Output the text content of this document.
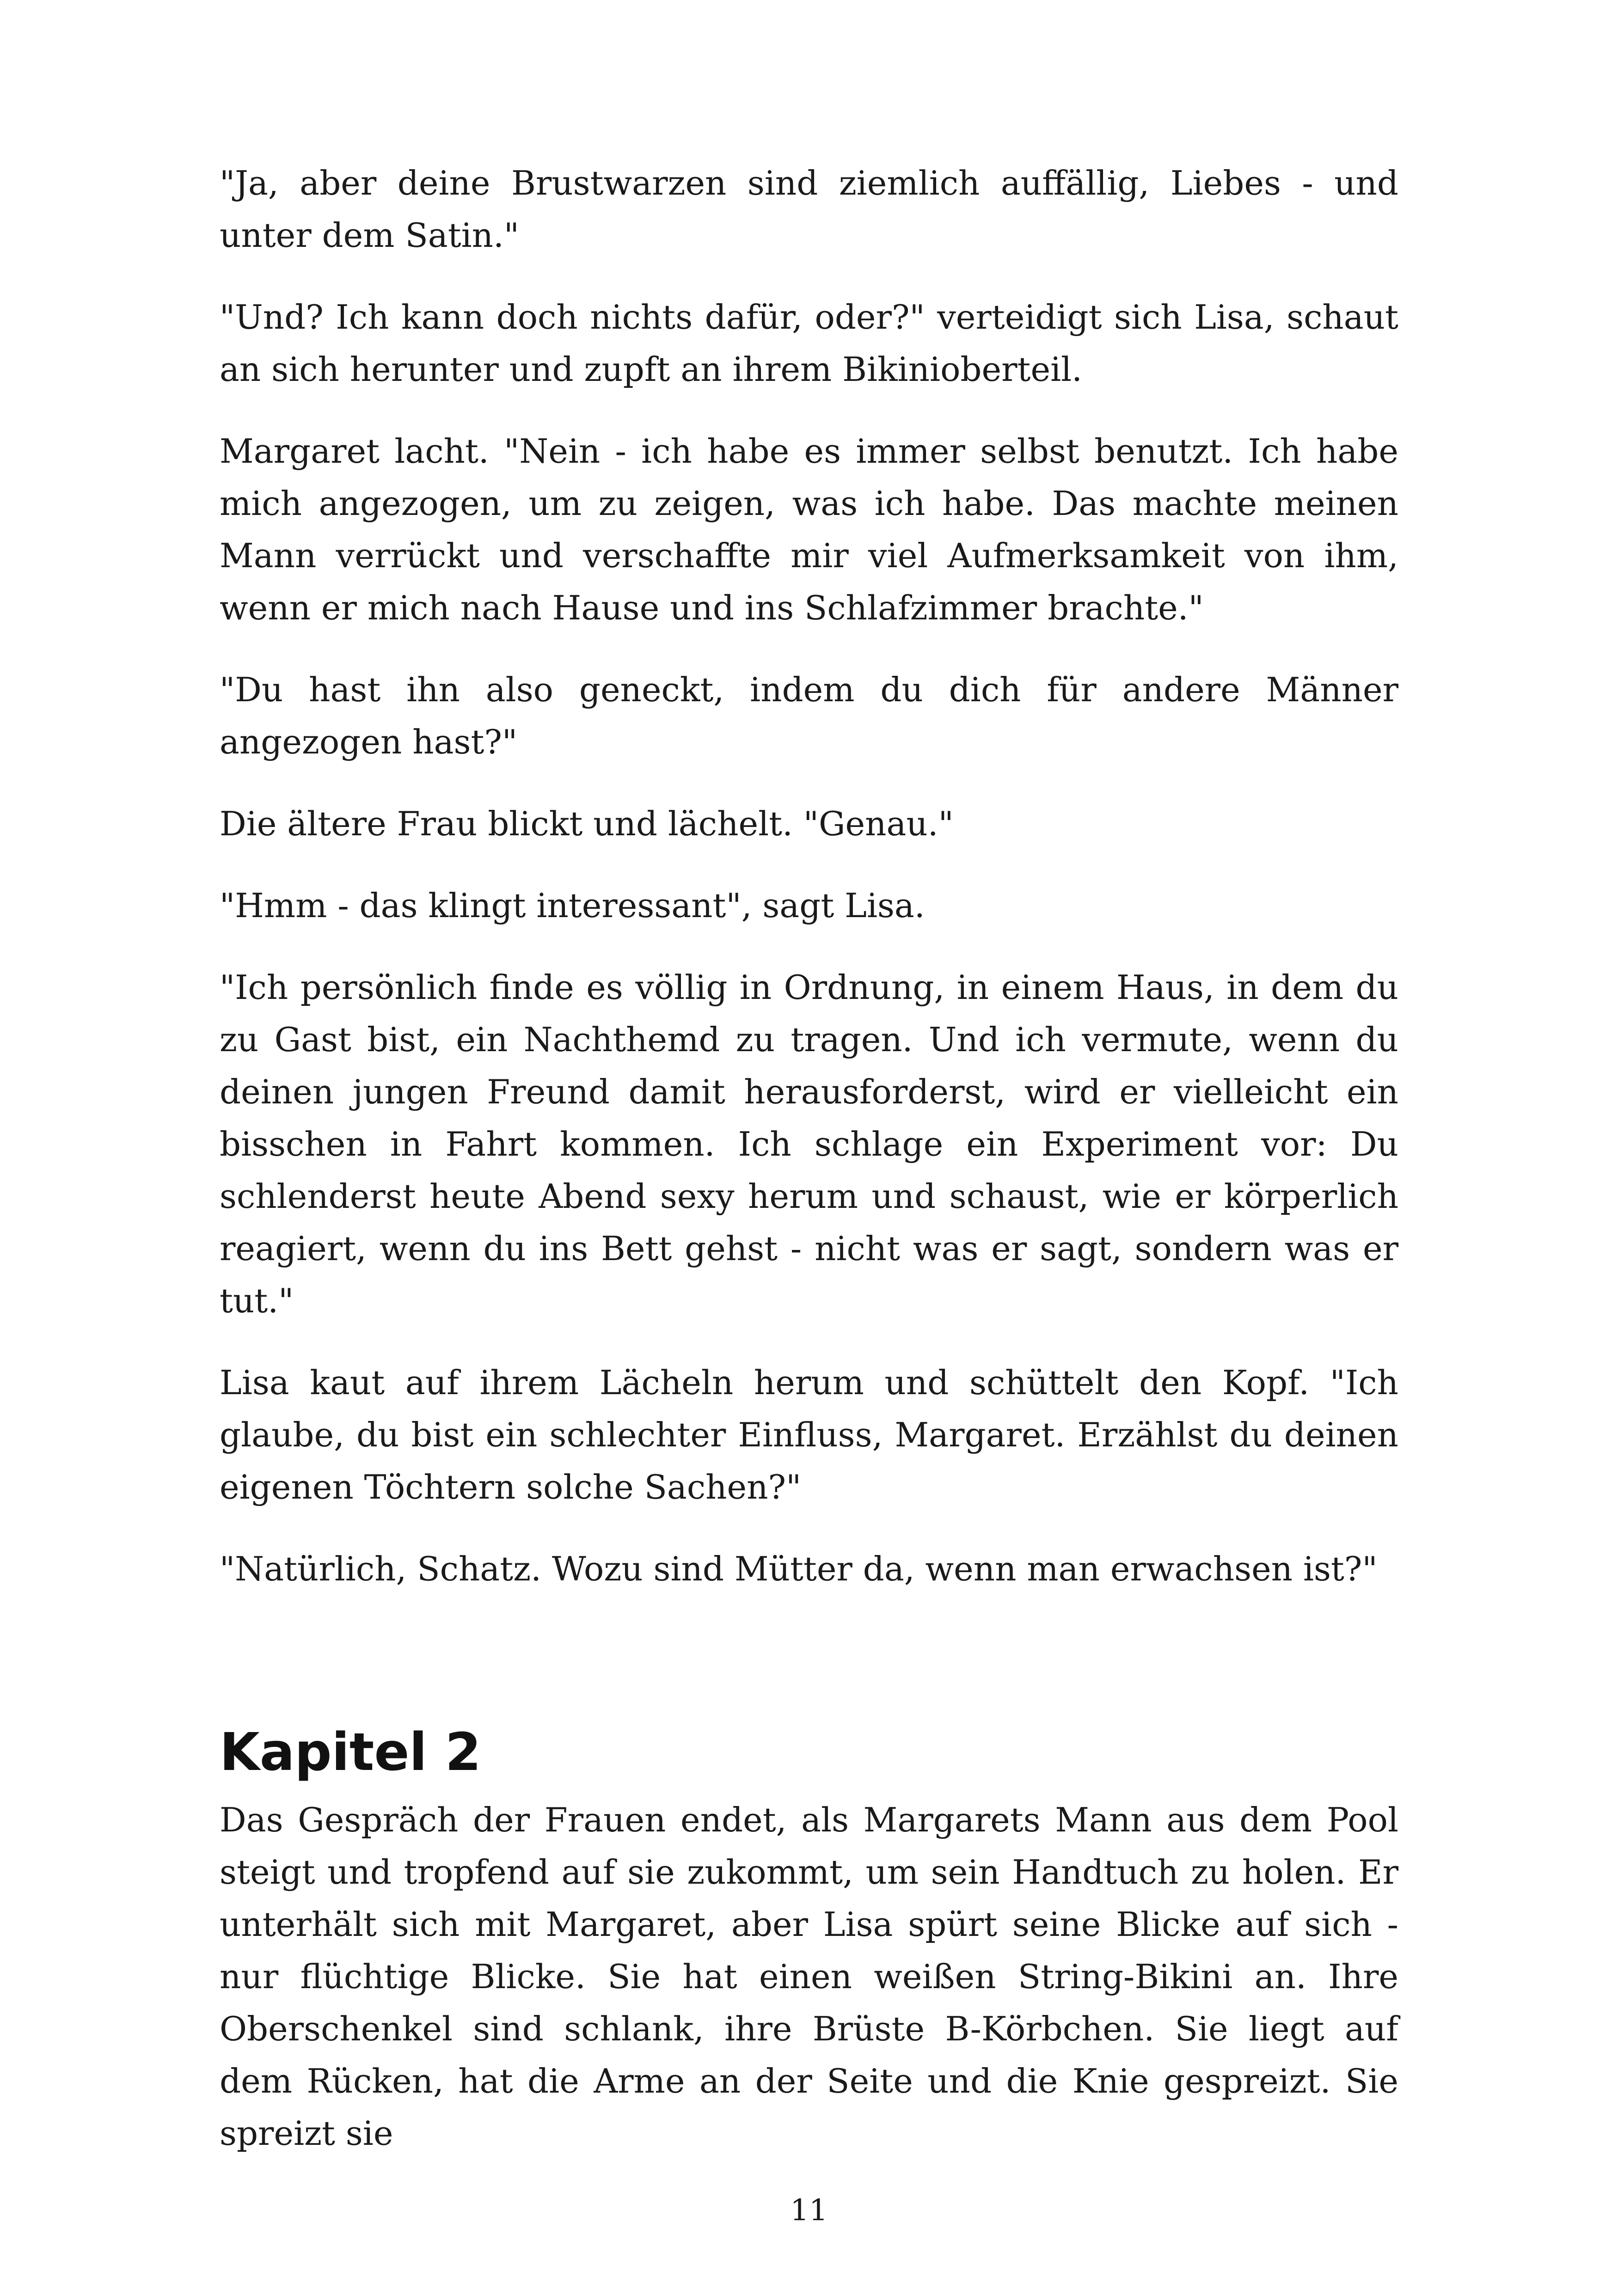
"Ja, aber deine Brustwarzen sind ziemlich auffällig, Liebes - und unter dem Satin."

"Und? Ich kann doch nichts dafür, oder?" verteidigt sich Lisa, schaut an sich herunter und zupft an ihrem Bikinioberteil.

Margaret lacht. "Nein - ich habe es immer selbst benutzt. Ich habe mich angezogen, um zu zeigen, was ich habe. Das machte meinen Mann verrückt und verschaffte mir viel Aufmerksamkeit von ihm, wenn er mich nach Hause und ins Schlafzimmer brachte."

"Du hast ihn also geneckt, indem du dich für andere Männer angezogen hast?"

Die ältere Frau blickt und lächelt. "Genau."

"Hmm - das klingt interessant", sagt Lisa.

"Ich persönlich finde es völlig in Ordnung, in einem Haus, in dem du zu Gast bist, ein Nachthemd zu tragen. Und ich vermute, wenn du deinen jungen Freund damit herausforderst, wird er vielleicht ein bisschen in Fahrt kommen. Ich schlage ein Experiment vor: Du schlenderst heute Abend sexy herum und schaust, wie er körperlich reagiert, wenn du ins Bett gehst - nicht was er sagt, sondern was er tut."

Lisa kaut auf ihrem Lächeln herum und schüttelt den Kopf. "Ich glaube, du bist ein schlechter Einfluss, Margaret. Erzählst du deinen eigenen Töchtern solche Sachen?"

"Natürlich, Schatz. Wozu sind Mütter da, wenn man erwachsen ist?"

Kapitel 2

Das Gespräch der Frauen endet, als Margarets Mann aus dem Pool steigt und tropfend auf sie zukommt, um sein Handtuch zu holen. Er unterhält sich mit Margaret, aber Lisa spürt seine Blicke auf sich - nur flüchtige Blicke. Sie hat einen weißen String-Bikini an. Ihre Oberschenkel sind schlank, ihre Brüste B-Körbchen. Sie liegt auf dem Rücken, hat die Arme an der Seite und die Knie gespreizt. Sie spreizt sie

11
